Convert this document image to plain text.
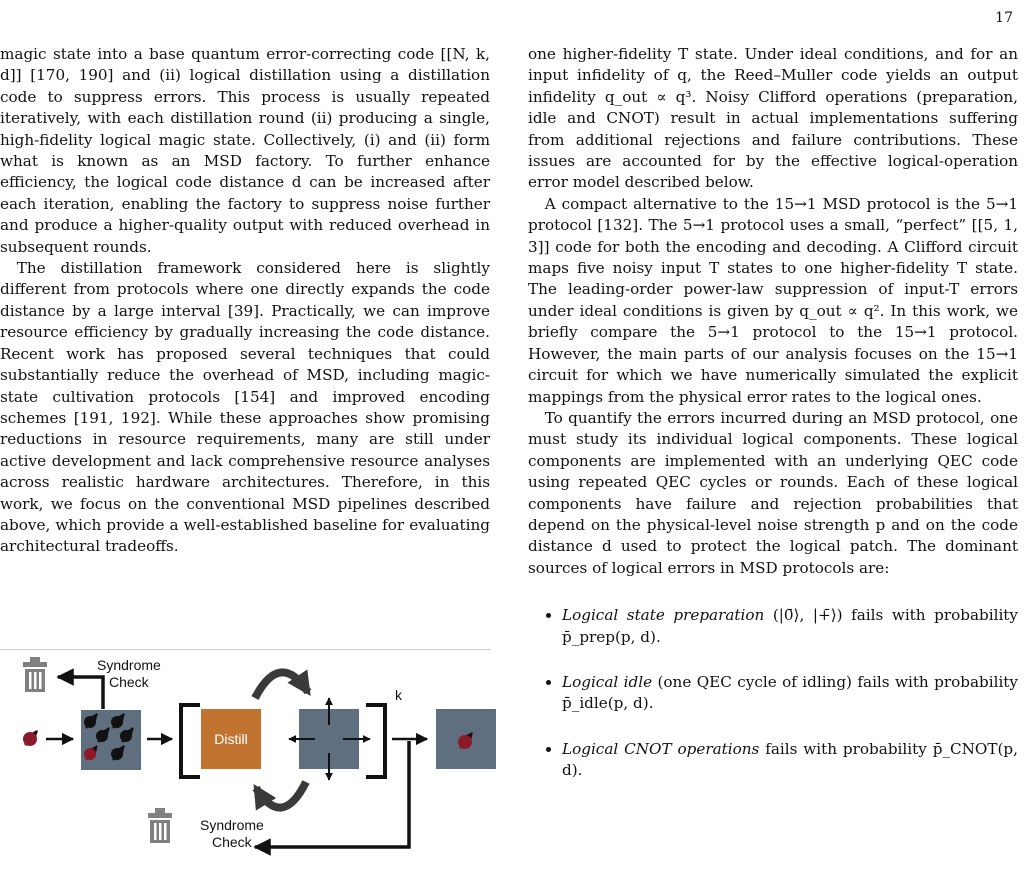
17

magic state into a base quantum error-correcting code [[N, k, d]] [170, 190] and (ii) logical distillation using a distillation code to suppress errors. This process is usually repeated iteratively, with each distillation round (ii) producing a single, high-fidelity logical magic state. Collectively, (i) and (ii) form what is known as an MSD factory. To further enhance efficiency, the logical code distance d can be increased after each iteration, enabling the factory to suppress noise further and produce a higher-quality output with reduced overhead in subsequent rounds.

The distillation framework considered here is slightly different from protocols where one directly expands the code distance by a large interval [39]. Practically, we can improve resource efficiency by gradually increasing the code distance. Recent work has proposed several techniques that could substantially reduce the overhead of MSD, including magic-state cultivation protocols [154] and improved encoding schemes [191, 192]. While these approaches show promising reductions in resource requirements, many are still under active development and lack comprehensive resource analyses across realistic hardware architectures. Therefore, in this work, we focus on the conventional MSD pipelines described above, which provide a well-established baseline for evaluating architectural tradeoffs.

Syndrome
Check
k
Distill
Syndrome
Check

one higher-fidelity T state. Under ideal conditions, and for an input infidelity of q, the Reed–Muller code yields an output infidelity q_out ∝ q³. Noisy Clifford operations (preparation, idle and CNOT) result in actual implementations suffering from additional rejections and failure contributions. These issues are accounted for by the effective logical-operation error model described below.

A compact alternative to the 15→1 MSD protocol is the 5→1 protocol [132]. The 5→1 protocol uses a small, “perfect” [[5, 1, 3]] code for both the encoding and decoding. A Clifford circuit maps five noisy input T states to one higher-fidelity T state. The leading-order power-law suppression of input-T errors under ideal conditions is given by q_out ∝ q². In this work, we briefly compare the 5→1 protocol to the 15→1 protocol. However, the main parts of our analysis focuses on the 15→1 circuit for which we have numerically simulated the explicit mappings from the physical error rates to the logical ones.

To quantify the errors incurred during an MSD protocol, one must study its individual logical components. These logical components are implemented with an underlying QEC code using repeated QEC cycles or rounds. Each of these logical components have failure and rejection probabilities that depend on the physical-level noise strength p and on the code distance d used to protect the logical patch. The dominant sources of logical errors in MSD protocols are:

• Logical state preparation (|0̄⟩, |+̄⟩) fails with probability p̄_prep(p, d).
• Logical idle (one QEC cycle of idling) fails with probability p̄_idle(p, d).
• Logical CNOT operations fails with probability p̄_CNOT(p, d).
